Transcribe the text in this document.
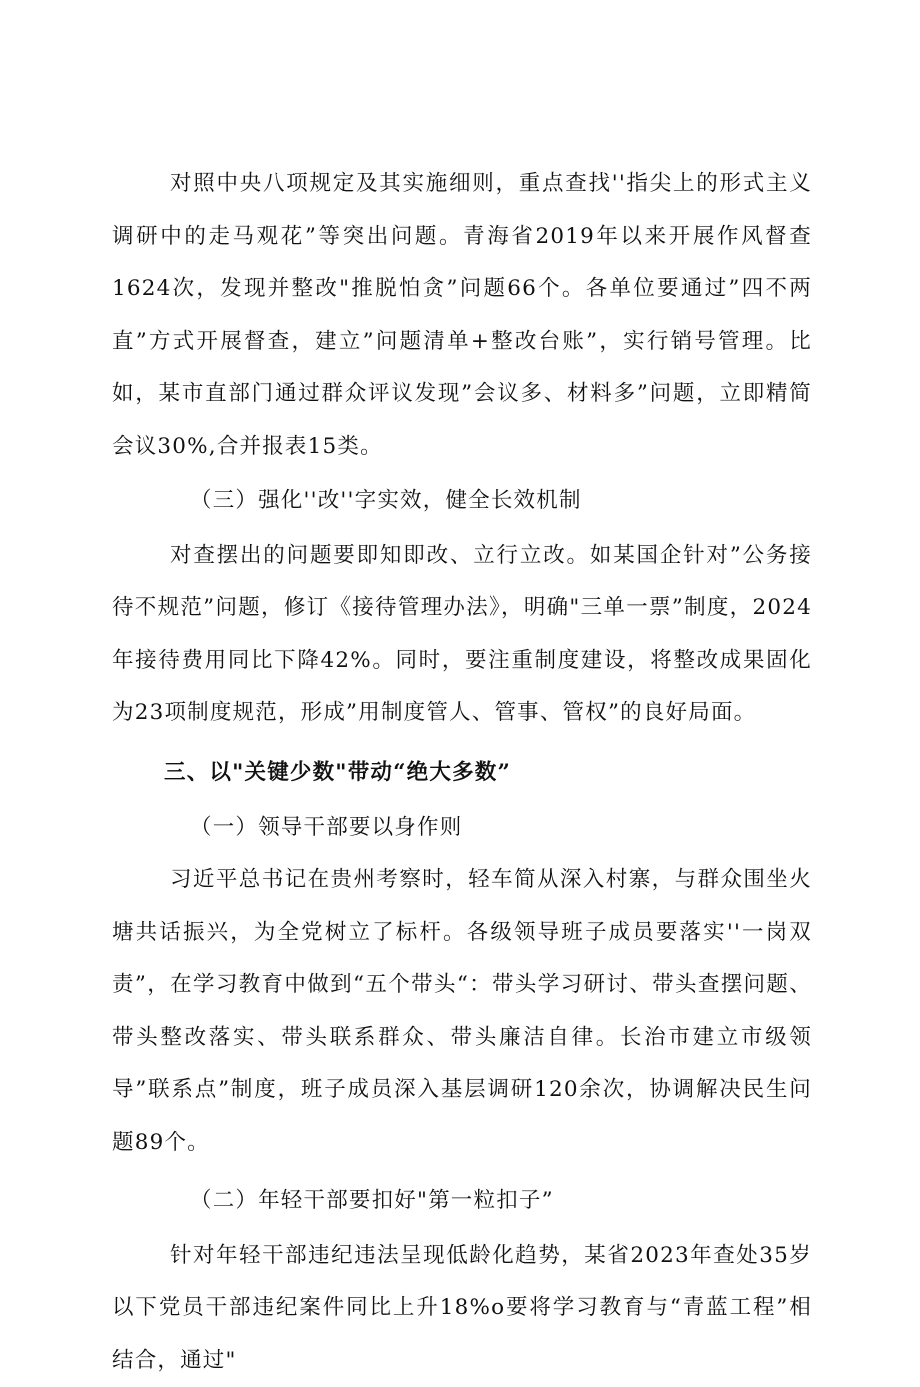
对照中央八项规定及其实施细则，重点查找''指尖上的形式主义调研中的走马观花”等突出问题。青海省2019年以来开展作风督查1624次，发现并整改"推脱怕贪”问题66个。各单位要通过”四不两直”方式开展督查，建立”问题清单+整改台账”，实行销号管理。比如，某市直部门通过群众评议发现”会议多、材料多”问题，立即精简会议30%,合并报表15类。

（三）强化''改''字实效，健全长效机制

对查摆出的问题要即知即改、立行立改。如某国企针对”公务接待不规范”问题，修订《接待管理办法》，明确"三单一票”制度，2024年接待费用同比下降42%。同时，要注重制度建设，将整改成果固化为23项制度规范，形成”用制度管人、管事、管权”的良好局面。

三、以"关键少数"带动“绝大多数”

（一）领导干部要以身作则

习近平总书记在贵州考察时，轻车简从深入村寨，与群众围坐火塘共话振兴，为全党树立了标杆。各级领导班子成员要落实''一岗双责”，在学习教育中做到“五个带头“：带头学习研讨、带头查摆问题、带头整改落实、带头联系群众、带头廉洁自律。长治市建立市级领导”联系点”制度，班子成员深入基层调研120余次，协调解决民生问题89个。

（二）年轻干部要扣好"第一粒扣子”

针对年轻干部违纪违法呈现低龄化趋势，某省2023年查处35岁以下党员干部违纪案件同比上升18%o要将学习教育与“青蓝工程”相结合，通过"
